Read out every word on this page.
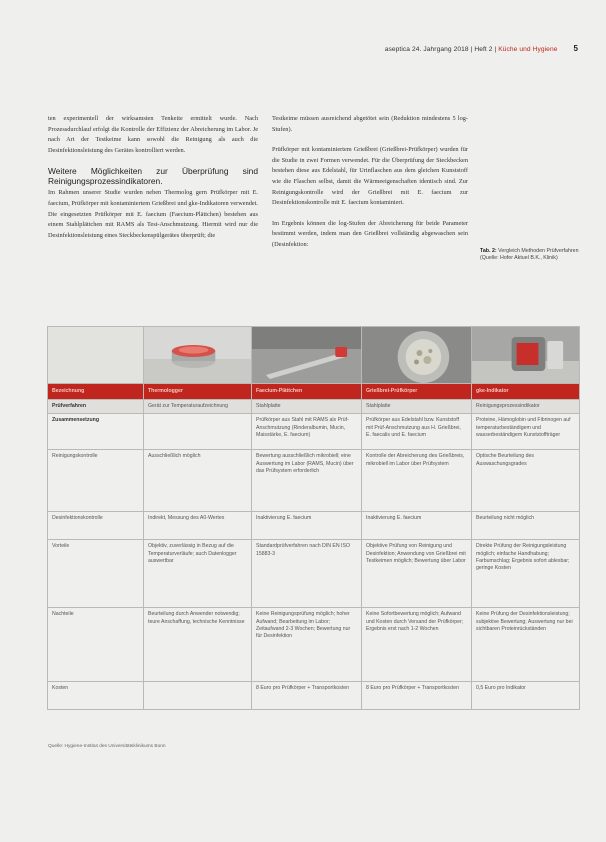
aseptica 24. Jahrgang 2018 | Heft 2 | Küche und Hygiene 5

ten experimentell der wirksamsten Tenkeite ermittelt wurde. Nach Prozessdurchlauf erfolgt die Kontrolle der Effizienz der Abreicherung im Labor. Je nach Art der Testkeime kann sowohl die Reinigung als auch die Desinfektionsleistung des Gerätes kontrolliert werden.

Weitere Möglichkeiten zur Überprüfung sind Reinigungsprozessindikatoren.

Im Rahmen unserer Studie wurden neben Thermolog gern Prüfkörper mit E. faecium, Prüfkörper mit kontaminiertem Grießbrei und gke-Indikatoren verwendet. Die eingesetzten Prüfkörper mit E. faecium (Faecium-Plättchen) bestehen aus einem Stahlplättchen mit RAMS als Test-Anschmutzung. Hiermit wird nur die Desinfektionsleistung eines Steckbeckenspülgerätes überprüft; die

Testkeime müssen ausreichend abgetötet sein (Reduktion mindestens 5 log-Stufen).

Prüfkörper mit kontaminiertem Grießbrei (Grießbrei-Prüfkörper) wurden für die Studie in zwei Formen verwendet. Für die Überprüfung der Steckbecken bestehen diese aus Edelstahl, für Urinflaschen aus dem gleichen Kunststoff wie die Flaschen selbst, damit die Wärmeeigenschaften identisch sind. Zur Reinigungskontrolle wird der Grießbrei mit E. faecium zur Desinfektionskontrolle mit E. faecium kontaminiert.

Im Ergebnis können die log-Stufen der Abreicherung für beide Parameter bestimmt werden, indem man den Grießbrei vollständig abgewaschen sein (Desinfektion:

Tab. 2: Vergleich Methoden Prüfverfahren (Quelle: Hofer Aktuel B.K., Klinik)

Bezeichnung	Thermologger	Faecium-Plättchen	Grießbrei-Prüfkörper	gke-Indikator
Prüfverfahren	Gerät zur Temperaturaufzeichnung	Stahlplatte	Stahlplatte	Reinigungsprozessindikator
Zusammensetzung		Prüfkörper aus Stahl mit RAMS als Prüf-Anschmutzung (Rinderalbumin, Mucin, Maisstärke, E. faecium)	Prüfkörper aus Edelstahl bzw. Kunststoff mit Prüf-Anschmutzung aus H. Grießbrei, E. faecalis und E. faecium	Proteine, Hämoglobin und Fibrinogen auf temperaturbeständigem und wasserbeständigem Kunststoffträger
Reinigungskontrolle	Ausschließlich möglich	Bewertung ausschließlich mikrobiell; eine Auswertung im Labor (RAMS, Mucin) über das Prüfsystem erforderlich	Kontrolle der Abreicherung des Grießbreis, mikrobiell im Labor über Prüfsystem	Optische Beurteilung des Auswaschungsgrades
Desinfektionskontrolle	Indirekt, Messung des A0-Wertes	Inaktivierung E. faecium	Inaktivierung E. faecium	Beurteilung nicht möglich
Vorteile	Objektiv, zuverlässig in Bezug auf die Temperaturverläufe; auch Datenlogger auswertbar	Standardprüfverfahren nach DIN EN ISO 15883-3	Objektive Prüfung von Reinigung und Desinfektion; Anwendung von Grießbrei mit Testkeimen möglich; Bewertung über Labor	Direkte Prüfung der Reinigungsleistung möglich; einfache Handhabung; Farbumschlag; Ergebnis sofort ablesbar; geringe Kosten
Nachteile	Beurteilung durch Anwender notwendig; teure Anschaffung, technische Kenntnisse	Keine Reinigungsprüfung möglich; hoher Aufwand; Bearbeitung im Labor; Zeitaufwand 2-3 Wochen; Bewertung nur für Desinfektion	Keine Sofortbewertung möglich; Aufwand und Kosten durch Versand der Prüfkörper; Ergebnis erst nach 1-2 Wochen	Keine Prüfung der Desinfektionsleistung; subjektive Bewertung; Auswertung nur bei sichtbaren Proteinrückständen
Kosten		8 Euro pro Prüfkörper + Transportkosten	8 Euro pro Prüfkörper + Transportkosten	0,5 Euro pro Indikator
Quelle: Hygiene-Institut des Universitätsklinikums Bonn
